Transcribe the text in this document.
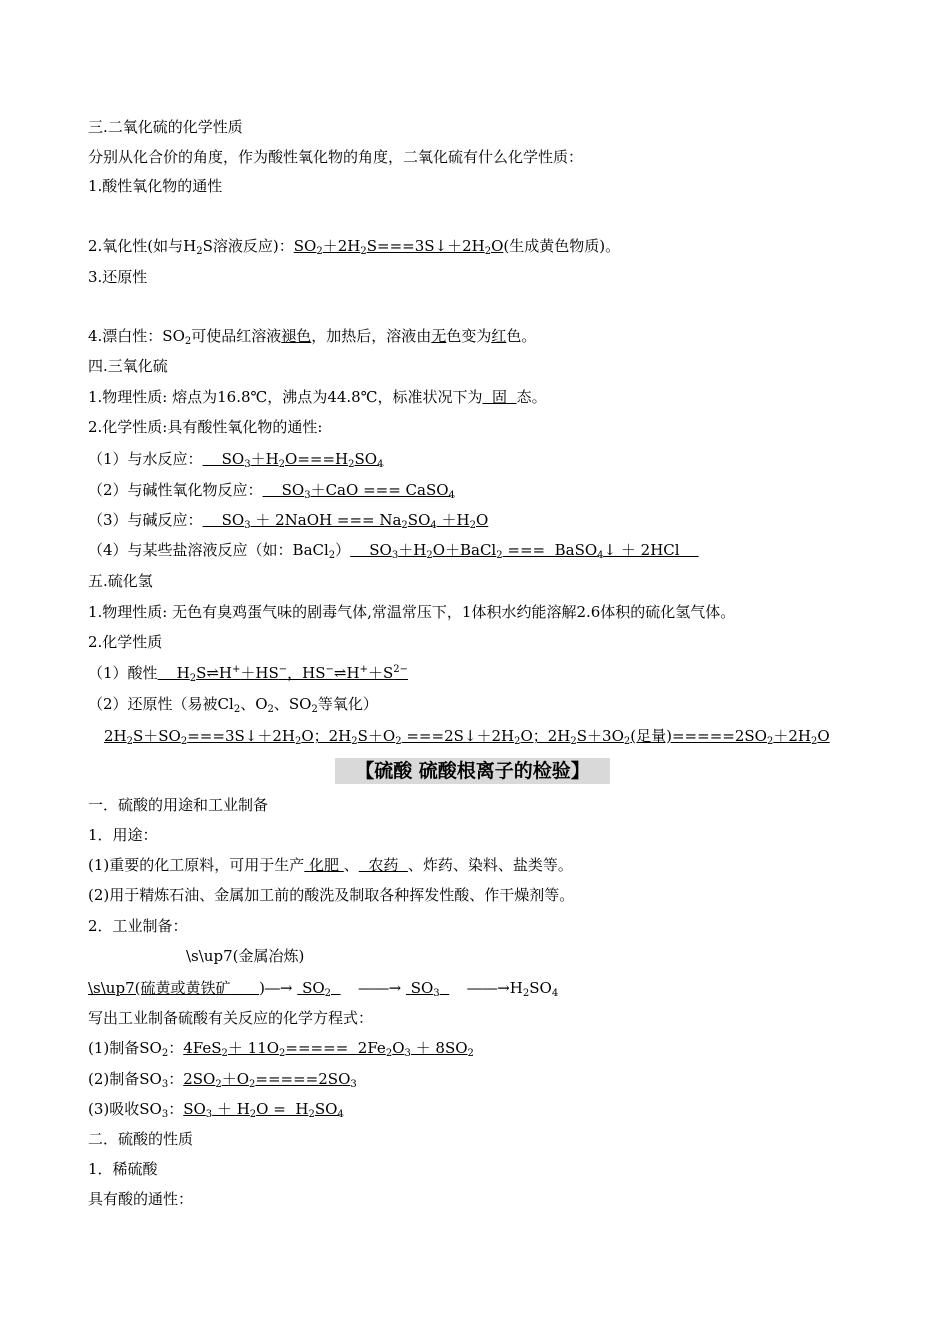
三.二氧化硫的化学性质
分别从化合价的角度，作为酸性氧化物的角度，二氧化硫有什么化学性质：
1.酸性氧化物的通性
2.氧化性(如与$H_2S$溶液反应)：$SO_2+2H_2S===3S↓+2H_2O$(生成黄色物质)。
3.还原性
4.漂白性：$SO_2$可使品红溶液褪色，加热后，溶液由无色变为红色。
四.三氧化硫
1.物理性质: 熔点为16.8℃，沸点为44.8℃，标准状况下为  固  态。
2.化学性质:具有酸性氧化物的通性:
（1）与水反应：    $SO_3+H_2O===H_2SO_4$
（2）与碱性氧化物反应：    $SO_3+CaO$ === CaSO$_4$
（3）与碱反应：    $SO_3$ ＋ 2NaOH === $Na_2SO_4 +H_2O$
（4）与某些盐溶液反应（如：BaCl$_2$）    $SO_3+H_2O+BaCl_2$ ===  BaSO$_4$↓ ＋ 2HCl
五.硫化氢
1.物理性质: 无色有臭鸡蛋气味的剧毒气体,常温常压下，1体积水约能溶解2.6体积的硫化氢气体。
2.化学性质
（1）酸性    $H_2S\rightleftharpoons H^++HS^-$，$HS^-\rightleftharpoons H^++S^{2-}$
（2）还原性（易被$Cl_2$、$O_2$、$SO_2$等氧化）
$2H_2S+SO_2===3S↓+2H_2O$；$2H_2S+O_2$ $===2S↓+2H_2O$；$2H_2S+3O_2$(足量)$=====2SO_2+2H_2O$
【硫酸 硫酸根离子的检验】
一．硫酸的用途和工业制备
1．用途：
(1)重要的化工原料，可用于生产 化肥 、  农药  、炸药、染料、盐类等。
(2)用于精炼石油、金属加工前的酸洗及制取各种挥发性酸、作干燥剂等。
2．工业制备：
\s\up7(金属冶炼)
\s\up7(硫黄或黄铁矿 )―→ $SO_2$ ――→ $SO_3$ $――\to H_2SO_4$
写出工业制备硫酸有关反应的化学方程式：
(1)制备$SO_2$：$4FeS_2+ 11O_2===== 2Fe_2O_3 + 8SO_2$
(2)制备$SO_3$：$2SO_2+O_2=====2SO_3$
(3)吸收$SO_3$：$SO_3 + H_2O = H_2SO_4$
二．硫酸的性质
1．稀硫酸
具有酸的通性：
